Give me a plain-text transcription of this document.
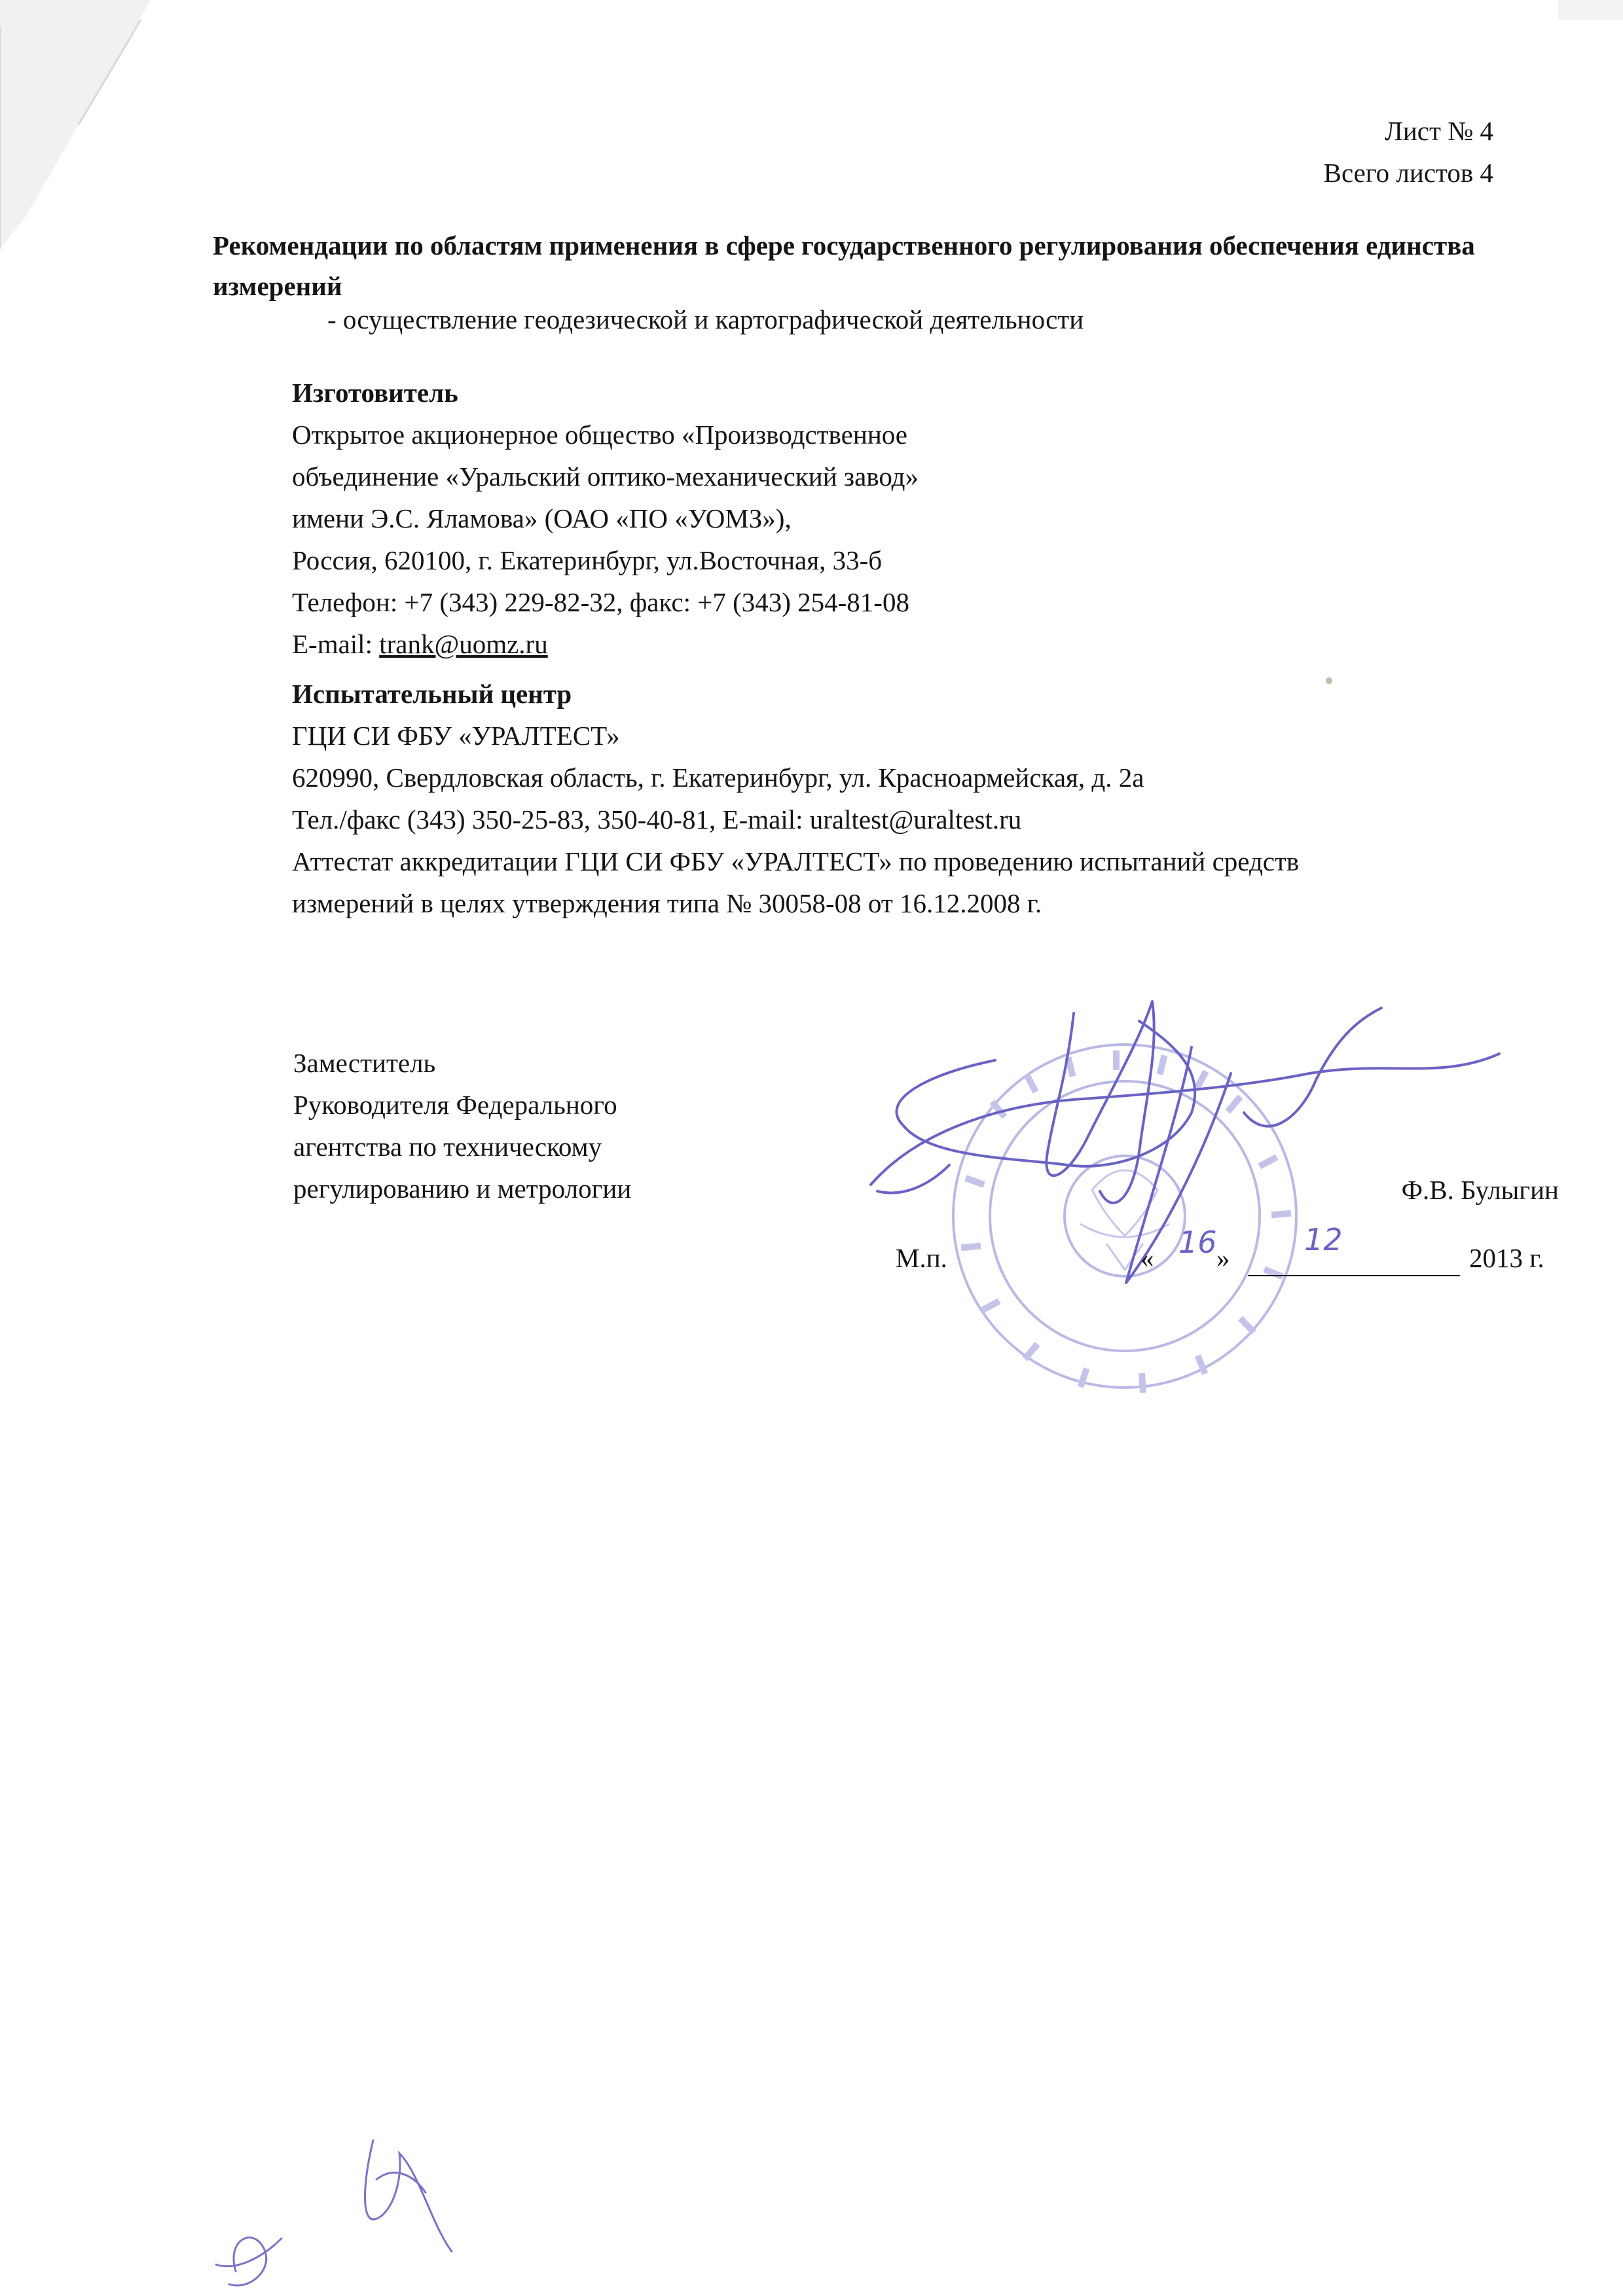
Лист № 4
Всего листов 4
Рекомендации по областям применения в сфере государственного регулирования обеспечения единства измерений
- осуществление геодезической и картографической деятельности
Изготовитель
Открытое акционерное общество «Производственное
объединение «Уральский оптико-механический завод»
имени Э.С. Яламова» (ОАО «ПО «УОМЗ»),
Россия, 620100, г. Екатеринбург, ул.Восточная, 33-б
Телефон: +7 (343) 229-82-32, факс: +7 (343) 254-81-08
E-mail: trank@uomz.ru
Испытательный центр
ГЦИ СИ ФБУ «УРАЛТЕСТ»
620990, Свердловская область, г. Екатеринбург, ул. Красноармейская, д. 2а
Тел./факс (343) 350-25-83, 350-40-81, E-mail: uraltest@uraltest.ru
Аттестат аккредитации ГЦИ СИ ФБУ «УРАЛТЕСТ» по проведению испытаний средств
измерений в целях утверждения типа № 30058-08 от 16.12.2008 г.
Заместитель
Руководителя Федерального
агентства по техническому
регулированию и метрологии	Ф.В. Булыгин
М.п.	« 16 »
12
2013 г.
